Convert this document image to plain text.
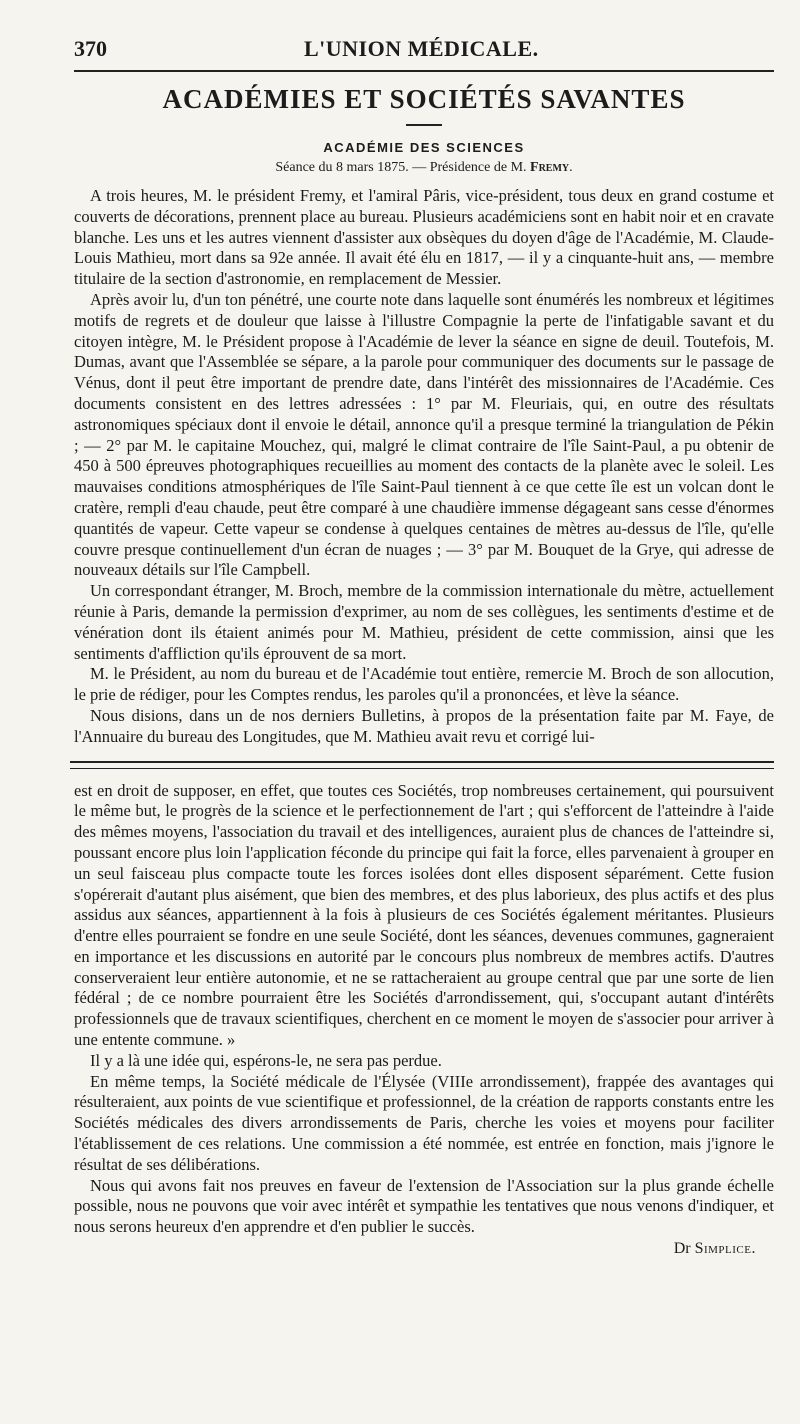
370	L'UNION MÉDICALE.
ACADÉMIES ET SOCIÉTÉS SAVANTES
ACADÉMIE DES SCIENCES
Séance du 8 mars 1875. — Présidence de M. Fremy.

A trois heures, M. le président Fremy, et l'amiral Pâris, vice-président, tous deux en grand costume et couverts de décorations, prennent place au bureau. Plusieurs académiciens sont en habit noir et en cravate blanche. Les uns et les autres viennent d'assister aux obsèques du doyen d'âge de l'Académie, M. Claude-Louis Mathieu, mort dans sa 92e année. Il avait été élu en 1817, — il y a cinquante-huit ans, — membre titulaire de la section d'astronomie, en remplacement de Messier.

Après avoir lu, d'un ton pénétré, une courte note dans laquelle sont énumérés les nombreux et légitimes motifs de regrets et de douleur que laisse à l'illustre Compagnie la perte de l'infatigable savant et du citoyen intègre, M. le Président propose à l'Académie de lever la séance en signe de deuil. Toutefois, M. Dumas, avant que l'Assemblée se sépare, a la parole pour communiquer des documents sur le passage de Vénus, dont il peut être important de prendre date, dans l'intérêt des missionnaires de l'Académie. Ces documents consistent en des lettres adressées : 1° par M. Fleuriais, qui, en outre des résultats astronomiques spéciaux dont il envoie le détail, annonce qu'il a presque terminé la triangulation de Pékin ; — 2° par M. le capitaine Mouchez, qui, malgré le climat contraire de l'île Saint-Paul, a pu obtenir de 450 à 500 épreuves photographiques recueillies au moment des contacts de la planète avec le soleil. Les mauvaises conditions atmosphériques de l'île Saint-Paul tiennent à ce que cette île est un volcan dont le cratère, rempli d'eau chaude, peut être comparé à une chaudière immense dégageant sans cesse d'énormes quantités de vapeur. Cette vapeur se condense à quelques centaines de mètres au-dessus de l'île, qu'elle couvre presque continuellement d'un écran de nuages ; — 3° par M. Bouquet de la Grye, qui adresse de nouveaux détails sur l'île Campbell.

Un correspondant étranger, M. Broch, membre de la commission internationale du mètre, actuellement réunie à Paris, demande la permission d'exprimer, au nom de ses collègues, les sentiments d'estime et de vénération dont ils étaient animés pour M. Mathieu, président de cette commission, ainsi que les sentiments d'affliction qu'ils éprouvent de sa mort.

M. le Président, au nom du bureau et de l'Académie tout entière, remercie M. Broch de son allocution, le prie de rédiger, pour les Comptes rendus, les paroles qu'il a prononcées, et lève la séance.

Nous disions, dans un de nos derniers Bulletins, à propos de la présentation faite par M. Faye, de l'Annuaire du bureau des Longitudes, que M. Mathieu avait revu et corrigé lui-

est en droit de supposer, en effet, que toutes ces Sociétés, trop nombreuses certainement, qui poursuivent le même but, le progrès de la science et le perfectionnement de l'art ; qui s'efforcent de l'atteindre à l'aide des mêmes moyens, l'association du travail et des intelligences, auraient plus de chances de l'atteindre si, poussant encore plus loin l'application féconde du principe qui fait la force, elles parvenaient à grouper en un seul faisceau plus compacte toute les forces isolées dont elles disposent séparément. Cette fusion s'opérerait d'autant plus aisément, que bien des membres, et des plus laborieux, des plus actifs et des plus assidus aux séances, appartiennent à la fois à plusieurs de ces Sociétés également méritantes. Plusieurs d'entre elles pourraient se fondre en une seule Société, dont les séances, devenues communes, gagneraient en importance et les discussions en autorité par le concours plus nombreux de membres actifs. D'autres conserveraient leur entière autonomie, et ne se rattacheraient au groupe central que par une sorte de lien fédéral ; de ce nombre pourraient être les Sociétés d'arrondissement, qui, s'occupant autant d'intérêts professionnels que de travaux scientifiques, cherchent en ce moment le moyen de s'associer pour arriver à une entente commune. »

Il y a là une idée qui, espérons-le, ne sera pas perdue.

En même temps, la Société médicale de l'Élysée (VIIIe arrondissement), frappée des avantages qui résulteraient, aux points de vue scientifique et professionnel, de la création de rapports constants entre les Sociétés médicales des divers arrondissements de Paris, cherche les voies et moyens pour faciliter l'établissement de ces relations. Une commission a été nommée, est entrée en fonction, mais j'ignore le résultat de ses délibérations.

Nous qui avons fait nos preuves en faveur de l'extension de l'Association sur la plus grande échelle possible, nous ne pouvons que voir avec intérêt et sympathie les tentatives que nous venons d'indiquer, et nous serons heureux d'en apprendre et d'en publier le succès.

Dr Simplice.
